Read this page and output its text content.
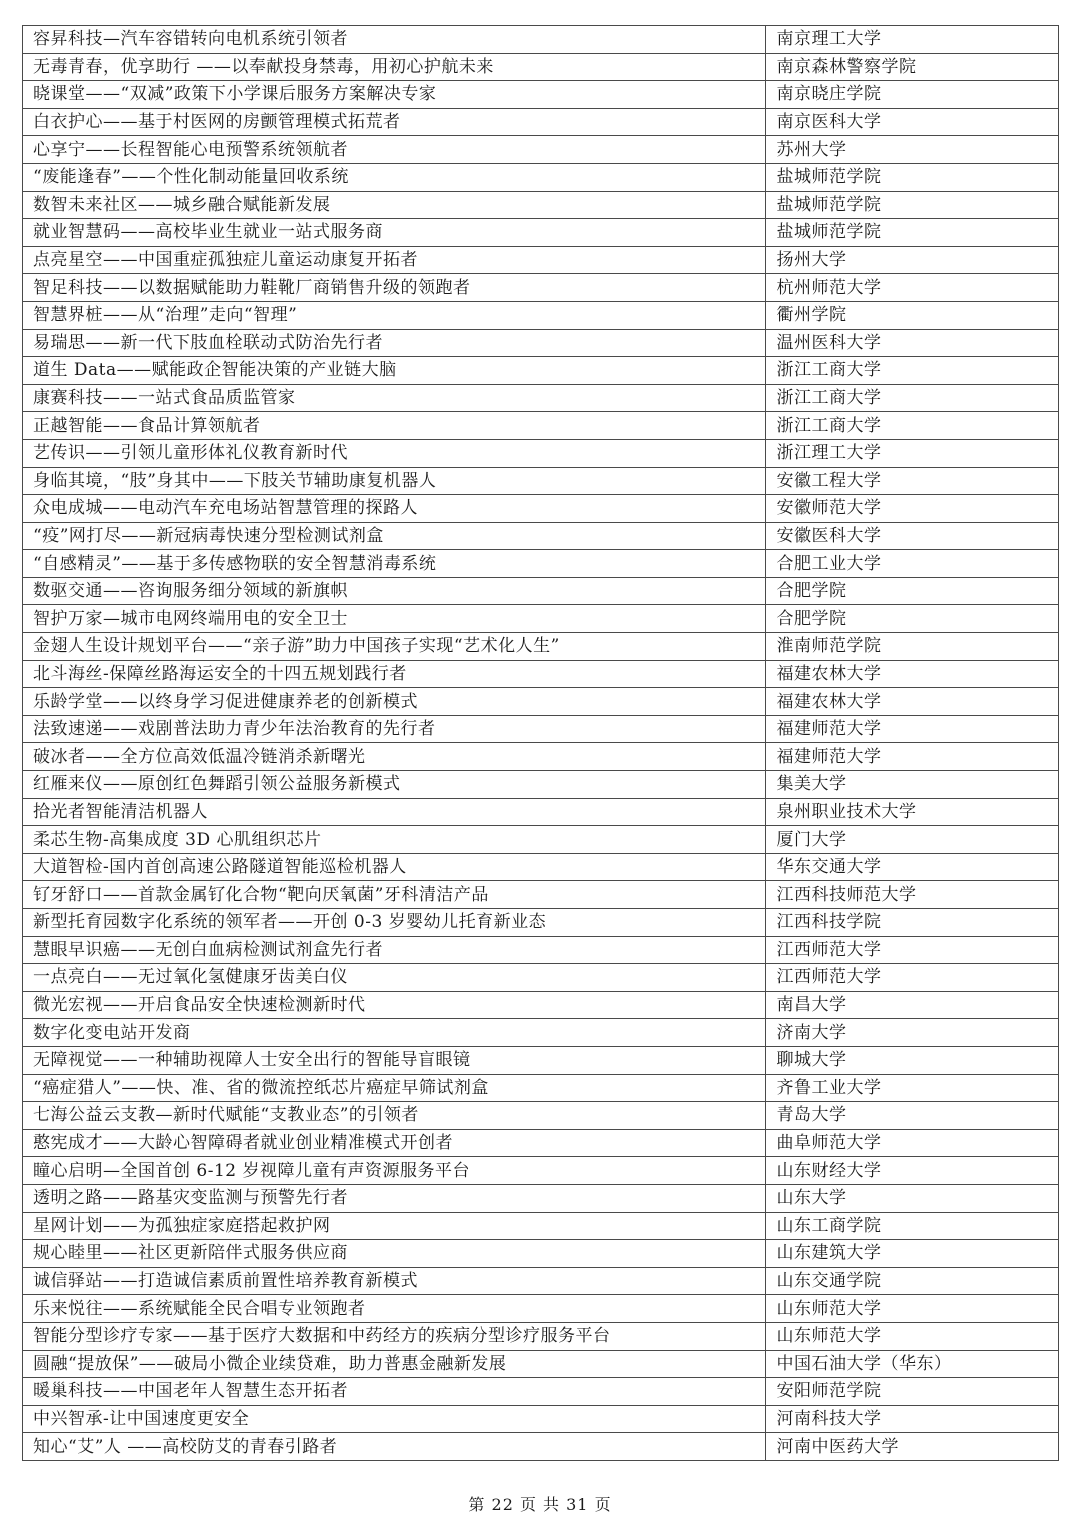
容昇科技—汽车容错转向电机系统引领者	南京理工大学
无毒青春，优享助行 ——以奉献投身禁毒，用初心护航未来	南京森林警察学院
晓课堂——“双减”政策下小学课后服务方案解决专家	南京晓庄学院
白衣护心——基于村医网的房颤管理模式拓荒者	南京医科大学
心享宁——长程智能心电预警系统领航者	苏州大学
“废能逢春”——个性化制动能量回收系统	盐城师范学院
数智未来社区——城乡融合赋能新发展	盐城师范学院
就业智慧码——高校毕业生就业一站式服务商	盐城师范学院
点亮星空——中国重症孤独症儿童运动康复开拓者	扬州大学
智足科技——以数据赋能助力鞋靴厂商销售升级的领跑者	杭州师范大学
智慧界桩——从“治理”走向“智理”	衢州学院
易瑞思——新一代下肢血栓联动式防治先行者	温州医科大学
道生 Data——赋能政企智能决策的产业链大脑	浙江工商大学
康赛科技——一站式食品质监管家	浙江工商大学
正越智能——食品计算领航者	浙江工商大学
艺传识——引领儿童形体礼仪教育新时代	浙江理工大学
身临其境，“肢”身其中——下肢关节辅助康复机器人	安徽工程大学
众电成城——电动汽车充电场站智慧管理的探路人	安徽师范大学
“疫”网打尽——新冠病毒快速分型检测试剂盒	安徽医科大学
“自感精灵”——基于多传感物联的安全智慧消毒系统	合肥工业大学
数驱交通——咨询服务细分领域的新旗帜	合肥学院
智护万家—城市电网终端用电的安全卫士	合肥学院
金翅人生设计规划平台——“亲子游”助力中国孩子实现“艺术化人生”	淮南师范学院
北斗海丝-保障丝路海运安全的十四五规划践行者	福建农林大学
乐龄学堂——以终身学习促进健康养老的创新模式	福建农林大学
法致速递——戏剧普法助力青少年法治教育的先行者	福建师范大学
破冰者——全方位高效低温冷链消杀新曙光	福建师范大学
红雁来仪——原创红色舞蹈引领公益服务新模式	集美大学
拾光者智能清洁机器人	泉州职业技术大学
柔芯生物-高集成度 3D 心肌组织芯片	厦门大学
大道智检-国内首创高速公路隧道智能巡检机器人	华东交通大学
钌牙舒口——首款金属钌化合物“靶向厌氧菌”牙科清洁产品	江西科技师范大学
新型托育园数字化系统的领军者——开创 0-3 岁婴幼儿托育新业态	江西科技学院
慧眼早识癌——无创白血病检测试剂盒先行者	江西师范大学
一点亮白——无过氧化氢健康牙齿美白仪	江西师范大学
微光宏视——开启食品安全快速检测新时代	南昌大学
数字化变电站开发商	济南大学
无障视觉——一种辅助视障人士安全出行的智能导盲眼镜	聊城大学
“癌症猎人”——快、准、省的微流控纸芯片癌症早筛试剂盒	齐鲁工业大学
七海公益云支教—新时代赋能“支教业态”的引领者	青岛大学
憨宪成才——大龄心智障碍者就业创业精准模式开创者	曲阜师范大学
瞳心启明—全国首创 6-12 岁视障儿童有声资源服务平台	山东财经大学
透明之路——路基灾变监测与预警先行者	山东大学
星网计划——为孤独症家庭搭起救护网	山东工商学院
规心睦里——社区更新陪伴式服务供应商	山东建筑大学
诚信驿站——打造诚信素质前置性培养教育新模式	山东交通学院
乐来悦往——系统赋能全民合唱专业领跑者	山东师范大学
智能分型诊疗专家——基于医疗大数据和中药经方的疾病分型诊疗服务平台	山东师范大学
圆融“提放保”——破局小微企业续贷难，助力普惠金融新发展	中国石油大学（华东）
暖巢科技——中国老年人智慧生态开拓者	安阳师范学院
中兴智承-让中国速度更安全	河南科技大学
知心“艾”人 ——高校防艾的青春引路者	河南中医药大学
第 22 页 共 31 页
